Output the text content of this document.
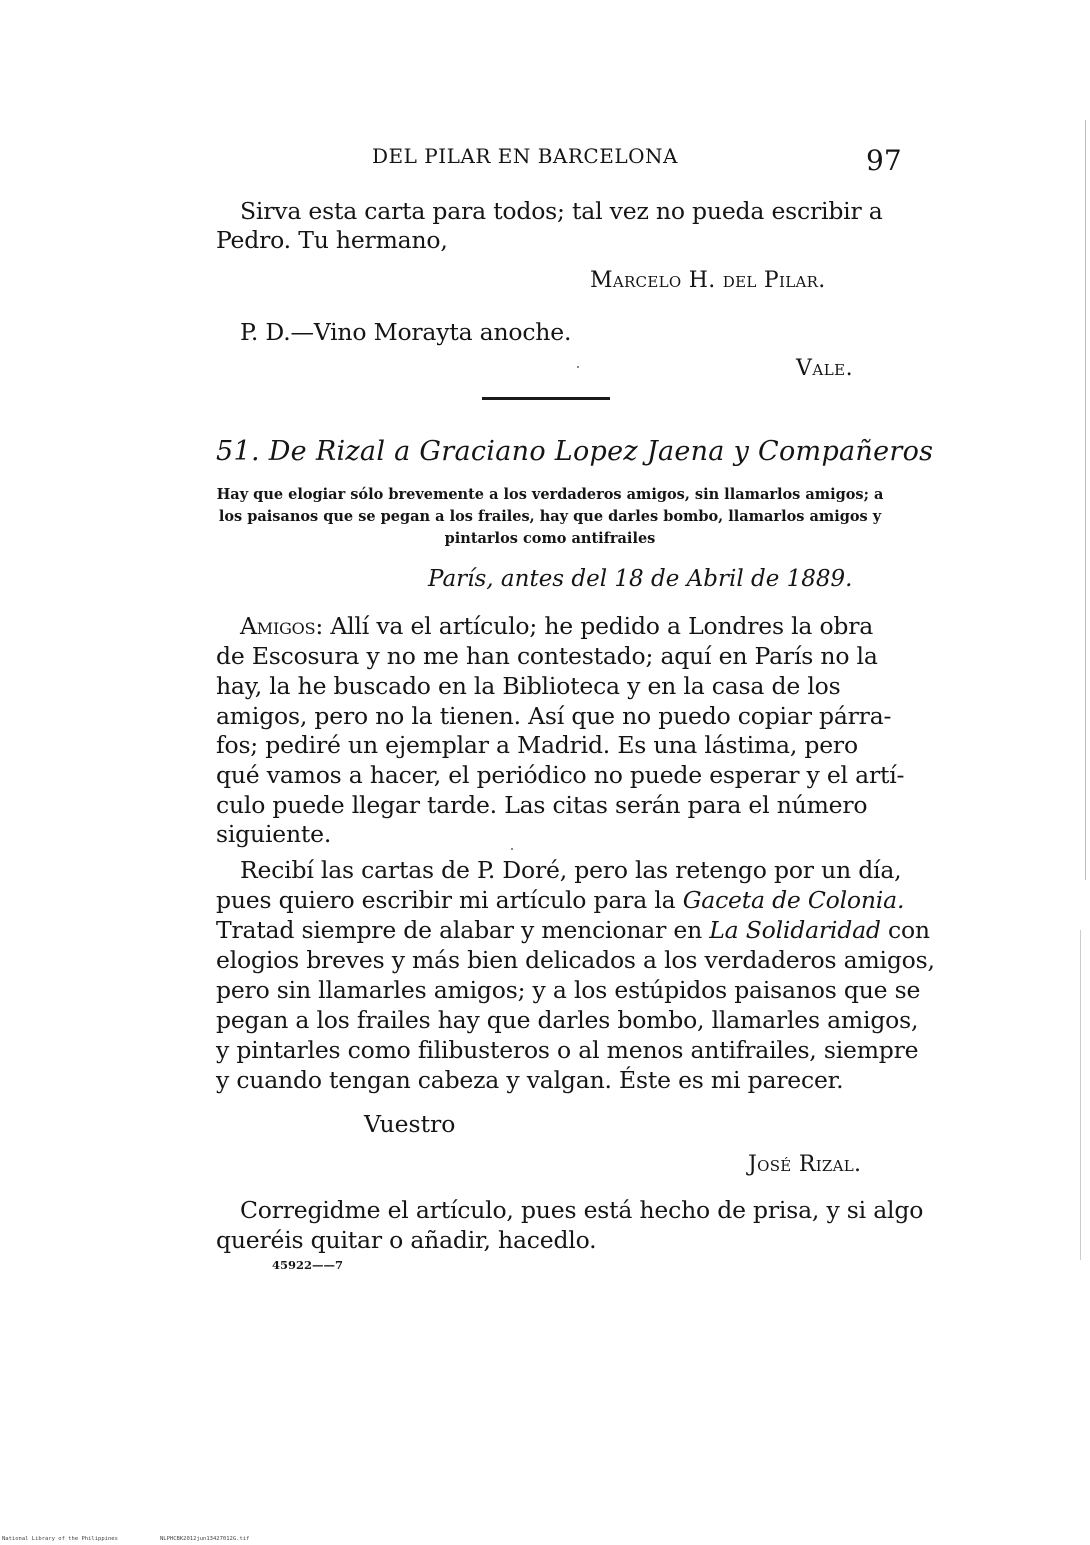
DEL PILAR EN BARCELONA	97
Sirva esta carta para todos; tal vez no pueda escribir a
Pedro. Tu hermano,
Marcelo H. del Pilar.
P. D.—Vino Morayta anoche.
Vale.
51. De Rizal a Graciano Lopez Jaena y Compañeros
Hay que elogiar sólo brevemente a los verdaderos amigos, sin llamarlos amigos; a los paisanos que se pegan a los frailes, hay que darles bombo, llamarlos amigos y pintarlos como antifrailes
París, antes del 18 de Abril de 1889.
Amigos: Allí va el artículo; he pedido a Londres la obra
de Escosura y no me han contestado; aquí en París no la
hay, la he buscado en la Biblioteca y en la casa de los
amigos, pero no la tienen. Así que no puedo copiar párra-
fos; pediré un ejemplar a Madrid. Es una lástima, pero
qué vamos a hacer, el periódico no puede esperar y el artí-
culo puede llegar tarde. Las citas serán para el número
siguiente.
Recibí las cartas de P. Doré, pero las retengo por un día,
pues quiero escribir mi artículo para la Gaceta de Colonia.
Tratad siempre de alabar y mencionar en La Solidaridad con
elogios breves y más bien delicados a los verdaderos amigos,
pero sin llamarles amigos; y a los estúpidos paisanos que se
pegan a los frailes hay que darles bombo, llamarles amigos,
y pintarles como filibusteros o al menos antifrailes, siempre
y cuando tengan cabeza y valgan. Éste es mi parecer.
Vuestro
José Rizal.
Corregidme el artículo, pues está hecho de prisa, y si algo
queréis quitar o añadir, hacedlo.
45922——7
National Library of the Philippines	NLPHCBK2012jun13427012G.tif
